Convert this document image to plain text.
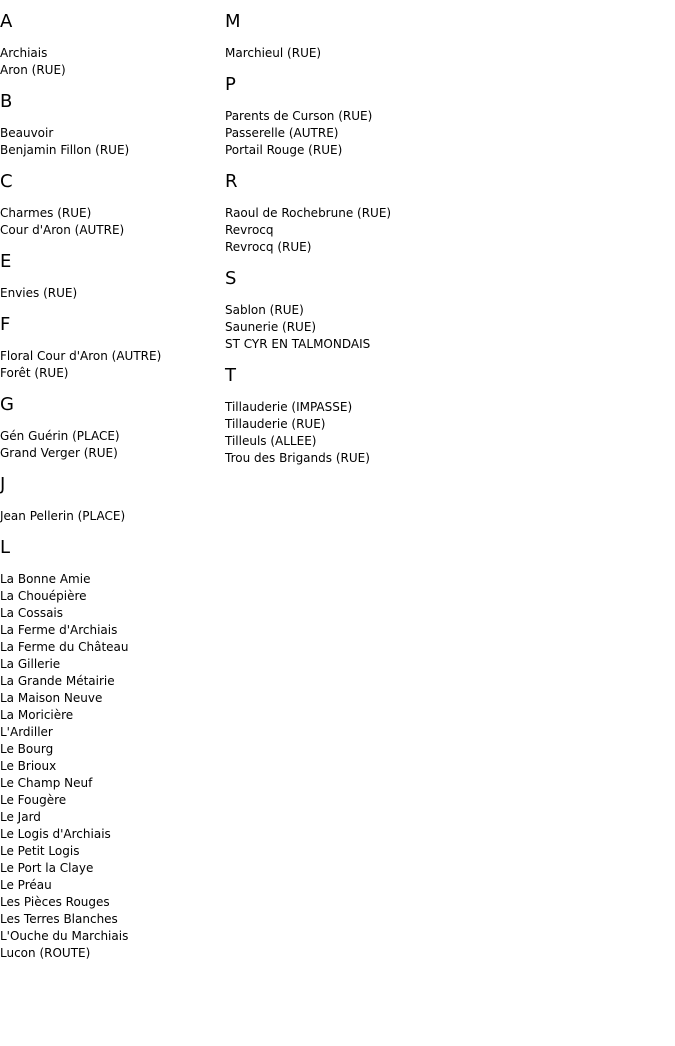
A
Archiais
Aron (RUE)
B
Beauvoir
Benjamin Fillon (RUE)
C
Charmes (RUE)
Cour d'Aron (AUTRE)
E
Envies (RUE)
F
Floral Cour d'Aron (AUTRE)
Forêt (RUE)
G
Gén Guérin (PLACE)
Grand Verger (RUE)
J
Jean Pellerin (PLACE)
L
La Bonne Amie
La Chouépière
La Cossais
La Ferme d'Archiais
La Ferme du Château
La Gillerie
La Grande Métairie
La Maison Neuve
La Moricière
L'Ardiller
Le Bourg
Le Brioux
Le Champ Neuf
Le Fougère
Le Jard
Le Logis d'Archiais
Le Petit Logis
Le Port la Claye
Le Préau
Les Pièces Rouges
Les Terres Blanches
L'Ouche du Marchiais
Lucon (ROUTE)
M
Marchieul (RUE)
P
Parents de Curson (RUE)
Passerelle (AUTRE)
Portail Rouge (RUE)
R
Raoul de Rochebrune (RUE)
Revrocq
Revrocq (RUE)
S
Sablon (RUE)
Saunerie (RUE)
ST CYR EN TALMONDAIS
T
Tillauderie (IMPASSE)
Tillauderie (RUE)
Tilleuls (ALLEE)
Trou des Brigands (RUE)
